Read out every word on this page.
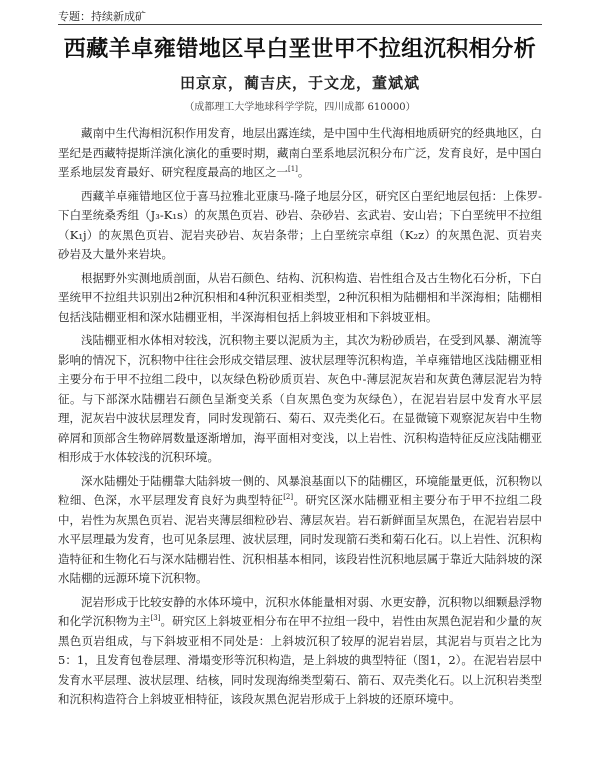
专题：持续新成矿
西藏羊卓雍错地区早白垩世甲不拉组沉积相分析
田京京，蔺吉庆，于文龙，董斌斌
（成都理工大学地球科学学院，四川成都 610000）

藏南中生代海相沉积作用发育，地层出露连续，是中国中生代海相地质研究的经典地区，白垩纪是西藏特提斯洋演化演化的重要时期，藏南白垩系地层沉积分布广泛，发育良好，是中国白垩系地层发育最好、研究程度最高的地区之一[1]。

西藏羊卓雍错地区位于喜马拉雅北亚康马-隆子地层分区，研究区白垩纪地层包括：上侏罗-下白垩统桑秀组（J₃-K₁s）的灰黑色页岩、砂岩、杂砂岩、玄武岩、安山岩；下白垩统甲不拉组（K₁j）的灰黑色页岩、泥岩夹砂岩、灰岩条带；上白垩统宗卓组（K₂z）的灰黑色泥、页岩夹砂岩及大量外来岩块。

根据野外实测地质剖面，从岩石颜色、结构、沉积构造、岩性组合及古生物化石分析，下白垩统甲不拉组共识别出2种沉积相和4种沉积亚相类型，2种沉积相为陆棚相和半深海相；陆棚相包括浅陆棚亚相和深水陆棚亚相，半深海相包括上斜坡亚相和下斜坡亚相。

浅陆棚亚相水体相对较浅，沉积物主要以泥质为主，其次为粉砂质岩，在受到风暴、潮流等影响的情况下，沉积物中往往会形成交错层理、波状层理等沉积构造，羊卓雍错地区浅陆棚亚相主要分布于甲不拉组二段中，以灰绿色粉砂质页岩、灰色中-薄层泥灰岩和灰黄色薄层泥岩为特征。与下部深水陆棚岩石颜色呈渐变关系（自灰黑色变为灰绿色），在泥岩岩层中发育水平层理，泥灰岩中波状层理发育，同时发现箭石、菊石、双壳类化石。在显微镜下观察泥灰岩中生物碎屑和顶部含生物碎屑数量逐渐增加，海平面相对变浅，以上岩性、沉积构造特征反应浅陆棚亚相形成于水体较浅的沉积环境。

深水陆棚处于陆棚靠大陆斜坡一侧的、风暴浪基面以下的陆棚区，环境能量更低，沉积物以粒细、色深，水平层理发育良好为典型特征[2]。研究区深水陆棚亚相主要分布于甲不拉组二段中，岩性为灰黑色页岩、泥岩夹薄层细粒砂岩、薄层灰岩。岩石新鲜面呈灰黑色，在泥岩岩层中水平层理最为发育，也可见条层理、波状层理，同时发现箭石类和菊石化石。以上岩性、沉积构造特征和生物化石与深水陆棚岩性、沉积相基本相同，该段岩性沉积地层属于靠近大陆斜坡的深水陆棚的远源环境下沉积物。

泥岩形成于比较安静的水体环境中，沉积水体能量相对弱、水更安静，沉积物以细颗悬浮物和化学沉积物为主[3]。研究区上斜坡亚相分布在甲不拉组一段中，岩性由灰黑色泥岩和少量的灰黑色页岩组成，与下斜坡亚相不同处是：上斜坡沉积了较厚的泥岩岩层，其泥岩与页岩之比为5：1，且发育包卷层理、滑塌变形等沉积构造，是上斜坡的典型特征（图1，2）。在泥岩岩层中发育水平层理、波状层理、结核，同时发现海绵类型菊石、箭石、双壳类化石。以上沉积岩类型和沉积构造符合上斜坡亚相特征，该段灰黑色泥岩形成于上斜坡的还原环境中。
